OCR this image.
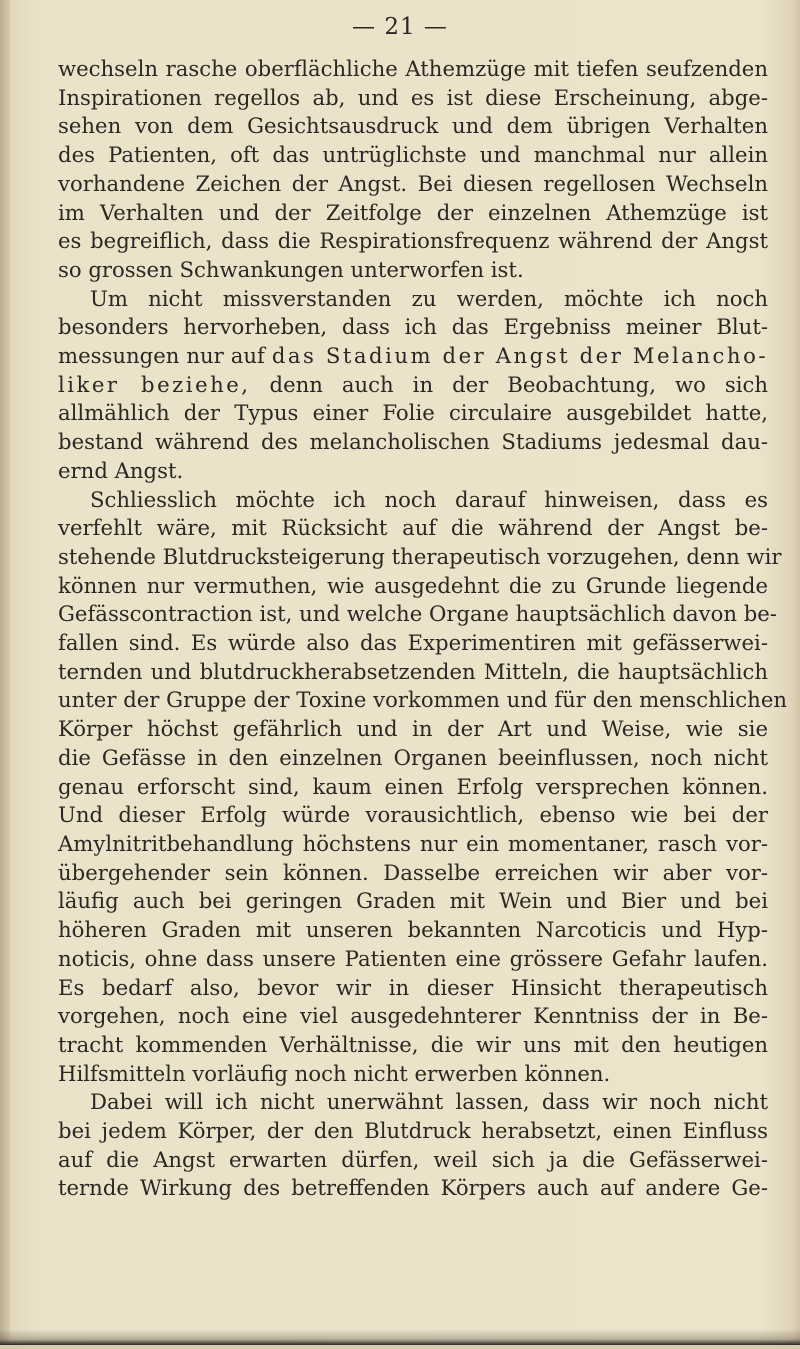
— 21 —
wechseln rasche oberflächliche Athemzüge mit tiefen seufzenden
Inspirationen regellos ab, und es ist diese Erscheinung, abge-
sehen von dem Gesichtsausdruck und dem übrigen Verhalten
des Patienten, oft das untrüglichste und manchmal nur allein
vorhandene Zeichen der Angst. Bei diesen regellosen Wechseln
im Verhalten und der Zeitfolge der einzelnen Athemzüge ist
es begreiflich, dass die Respirationsfrequenz während der Angst
so grossen Schwankungen unterworfen ist.
Um nicht missverstanden zu werden, möchte ich noch
besonders hervorheben, dass ich das Ergebniss meiner Blut-
messungen nur auf das Stadium der Angst der Melancho-
liker beziehe, denn auch in der Beobachtung, wo sich
allmählich der Typus einer Folie circulaire ausgebildet hatte,
bestand während des melancholischen Stadiums jedesmal dau-
ernd Angst.
Schliesslich möchte ich noch darauf hinweisen, dass es
verfehlt wäre, mit Rücksicht auf die während der Angst be-
stehende Blutdrucksteigerung therapeutisch vorzugehen, denn wir
können nur vermuthen, wie ausgedehnt die zu Grunde liegende
Gefässcontraction ist, und welche Organe hauptsächlich davon be-
fallen sind. Es würde also das Experimentiren mit gefässerwei-
ternden und blutdruckherabsetzenden Mitteln, die hauptsächlich
unter der Gruppe der Toxine vorkommen und für den menschlichen
Körper höchst gefährlich und in der Art und Weise, wie sie
die Gefässe in den einzelnen Organen beeinflussen, noch nicht
genau erforscht sind, kaum einen Erfolg versprechen können.
Und dieser Erfolg würde vorausichtlich, ebenso wie bei der
Amylnitritbehandlung höchstens nur ein momentaner, rasch vor-
übergehender sein können. Dasselbe erreichen wir aber vor-
läufig auch bei geringen Graden mit Wein und Bier und bei
höheren Graden mit unseren bekannten Narcoticis und Hyp-
noticis, ohne dass unsere Patienten eine grössere Gefahr laufen.
Es bedarf also, bevor wir in dieser Hinsicht therapeutisch
vorgehen, noch eine viel ausgedehnterer Kenntniss der in Be-
tracht kommenden Verhältnisse, die wir uns mit den heutigen
Hilfsmitteln vorläufig noch nicht erwerben können.
Dabei will ich nicht unerwähnt lassen, dass wir noch nicht
bei jedem Körper, der den Blutdruck herabsetzt, einen Einfluss
auf die Angst erwarten dürfen, weil sich ja die Gefässerwei-
ternde Wirkung des betreffenden Körpers auch auf andere Ge-
